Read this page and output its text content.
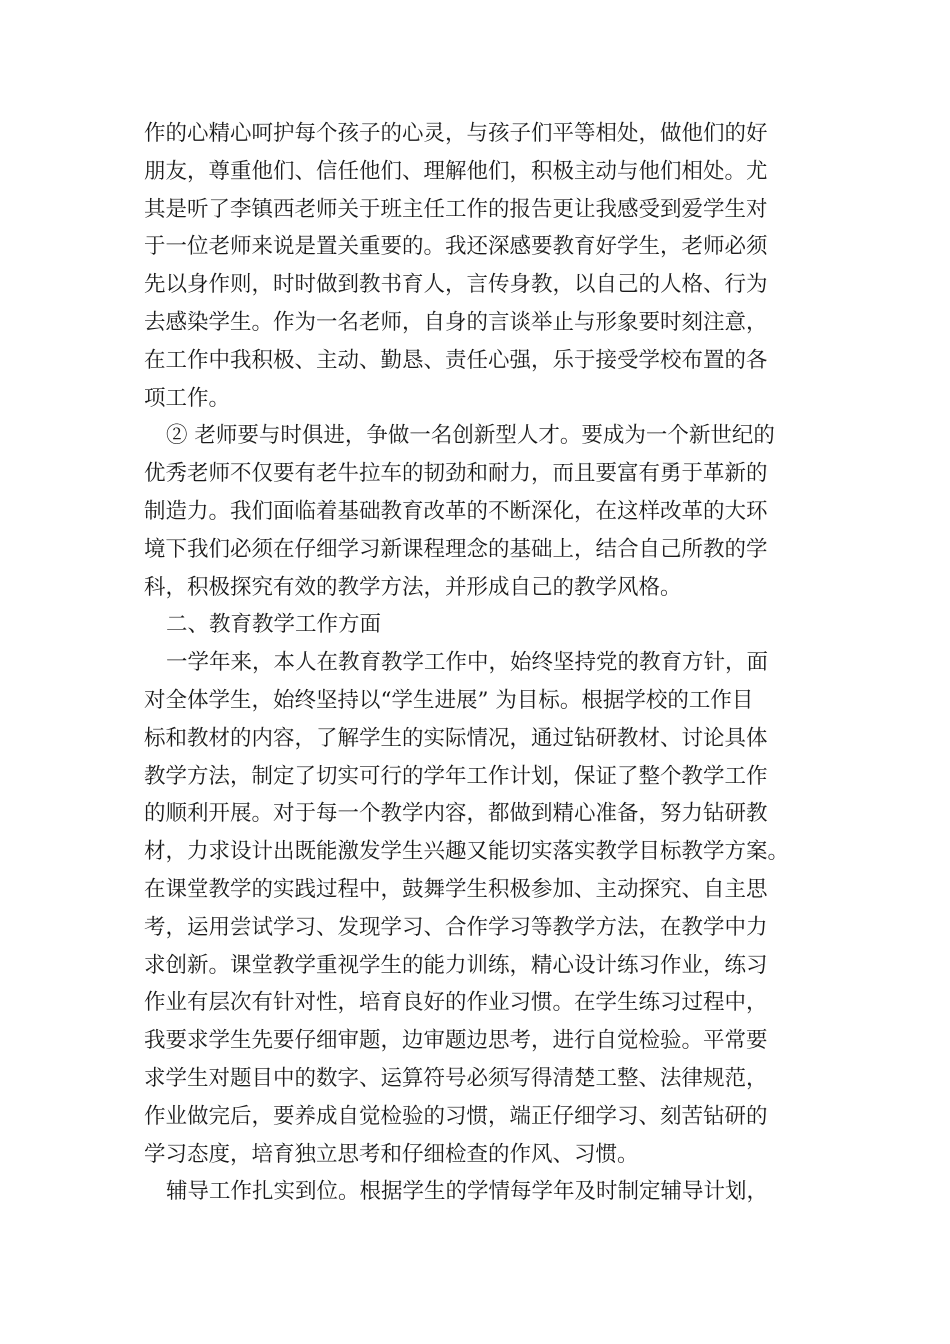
作的心精心呵护每个孩子的心灵，与孩子们平等相处，做他们的好
朋友，尊重他们、信任他们、理解他们，积极主动与他们相处。尤
其是听了李镇西老师关于班主任工作的报告更让我感受到爱学生对
于一位老师来说是置关重要的。我还深感要教育好学生，老师必须
先以身作则，时时做到教书育人，言传身教，以自己的人格、行为
去感染学生。作为一名老师，自身的言谈举止与形象要时刻注意，
在工作中我积极、主动、勤恳、责任心强，乐于接受学校布置的各
项工作。
② 老师要与时俱进，争做一名创新型人才。要成为一个新世纪的
优秀老师不仅要有老牛拉车的韧劲和耐力，而且要富有勇于革新的
制造力。我们面临着基础教育改革的不断深化，在这样改革的大环
境下我们必须在仔细学习新课程理念的基础上，结合自己所教的学
科，积极探究有效的教学方法，并形成自己的教学风格。
二、教育教学工作方面
一学年来，本人在教育教学工作中，始终坚持党的教育方针，面
对全体学生，始终坚持以“学生进展” 为目标。根据学校的工作目
标和教材的内容，了解学生的实际情况，通过钻研教材、讨论具体
教学方法，制定了切实可行的学年工作计划，保证了整个教学工作
的顺利开展。对于每一个教学内容，都做到精心准备，努力钻研教
材，力求设计出既能激发学生兴趣又能切实落实教学目标教学方案。
在课堂教学的实践过程中，鼓舞学生积极参加、主动探究、自主思
考，运用尝试学习、发现学习、合作学习等教学方法，在教学中力
求创新。课堂教学重视学生的能力训练，精心设计练习作业，练习
作业有层次有针对性，培育良好的作业习惯。在学生练习过程中，
我要求学生先要仔细审题，边审题边思考，进行自觉检验。平常要
求学生对题目中的数字、运算符号必须写得清楚工整、法律规范，
作业做完后，要养成自觉检验的习惯，端正仔细学习、刻苦钻研的
学习态度，培育独立思考和仔细检查的作风、习惯。
辅导工作扎实到位。根据学生的学情每学年及时制定辅导计划，
